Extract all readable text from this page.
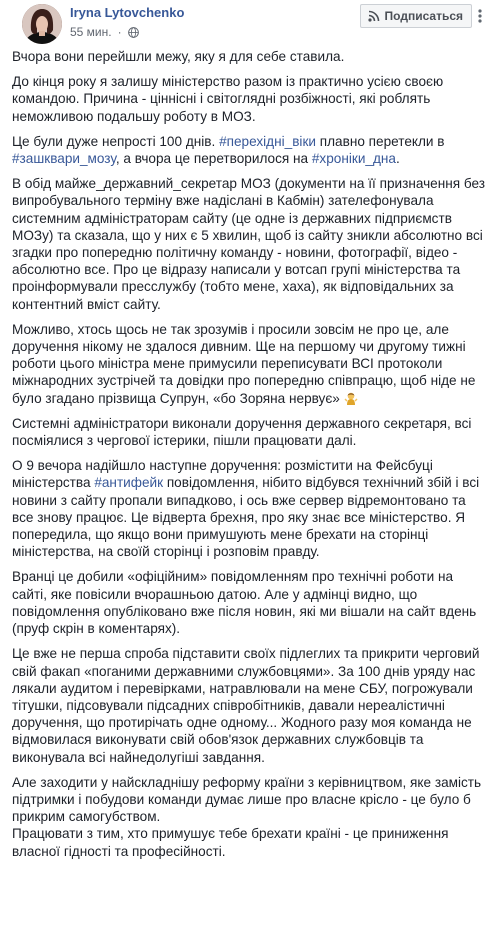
Iryna Lytovchenko
55 мин. ·
Подписаться

Вчора вони перейшли межу, яку я для себе ставила.

До кінця року я залишу міністерство разом із практично усією своєю командою. Причина - ціннісні і світоглядні розбіжності, які роблять неможливою подальшу роботу в МОЗ.

Це були дуже непрості 100 днів. #перехідні_віки плавно перетекли в #зашквари_мозу, а вчора це перетворилося на #хроніки_дна.

В обід майже_державний_секретар МОЗ (документи на її призначення без випробувального терміну вже надіслані в Кабмін) зателефонувала системним адміністраторам сайту (це одне із державних підприємств МОЗу) та сказала, що у них є 5 хвилин, щоб із сайту зникли абсолютно всі згадки про попередню політичну команду - новини, фотографії, відео - абсолютно все. Про це відразу написали у вотсап групі міністерства та проінформували пресслужбу (тобто мене, хаха), як відповідальних за контентний вміст сайту.

Можливо, хтось щось не так зрозумів і просили зовсім не про це, але доручення нікому не здалося дивним. Ще на першому чи другому тижні роботи цього міністра мене примусили переписувати ВСІ протоколи міжнародних зустрічей та довідки про попередню співпрацю, щоб ніде не було згадано прізвища Супрун, «бо Зоряна нервує»

Системні адміністратори виконали доручення державного секретаря, всі посміялися з чергової істерики, пішли працювати далі.

О 9 вечора надійшло наступне доручення: розмістити на Фейсбуці міністерства #антифейк повідомлення, нібито відбувся технічний збій і всі новини з сайту пропали випадково, і ось вже сервер відремонтовано та все знову працює. Це відверта брехня, про яку знає все міністерство. Я попередила, що якщо вони примушують мене брехати на сторінці міністерства, на своїй сторінці і розповім правду.

Вранці це добили «офіційним» повідомленням про технічні роботи на сайті, яке повісили вчорашньою датою. Але у адмінці видно, що повідомлення опубліковано вже після новин, які ми вішали на сайт вдень (пруф скрін в коментарях).

Це вже не перша спроба підставити своїх підлеглих та прикрити черговий свій факап «поганими державними службовцями». За 100 днів уряду нас лякали аудитом і перевірками, натравлювали на мене СБУ, погрожували тітушки, підсовували підсадних співробітників, давали нереалістичні доручення, що протирічать одне одному... Жодного разу моя команда не відмовилася виконувати свій обов'язок державних службовців та виконувала всі найнедолугіші завдання.

Але заходити у найскладнішу реформу країни з керівництвом, яке замість підтримки і побудови команди думає лише про власне крісло - це було б прикрим самогубством.
Працювати з тим, хто примушує тебе брехати країні - це приниження власної гідності та професійності.
